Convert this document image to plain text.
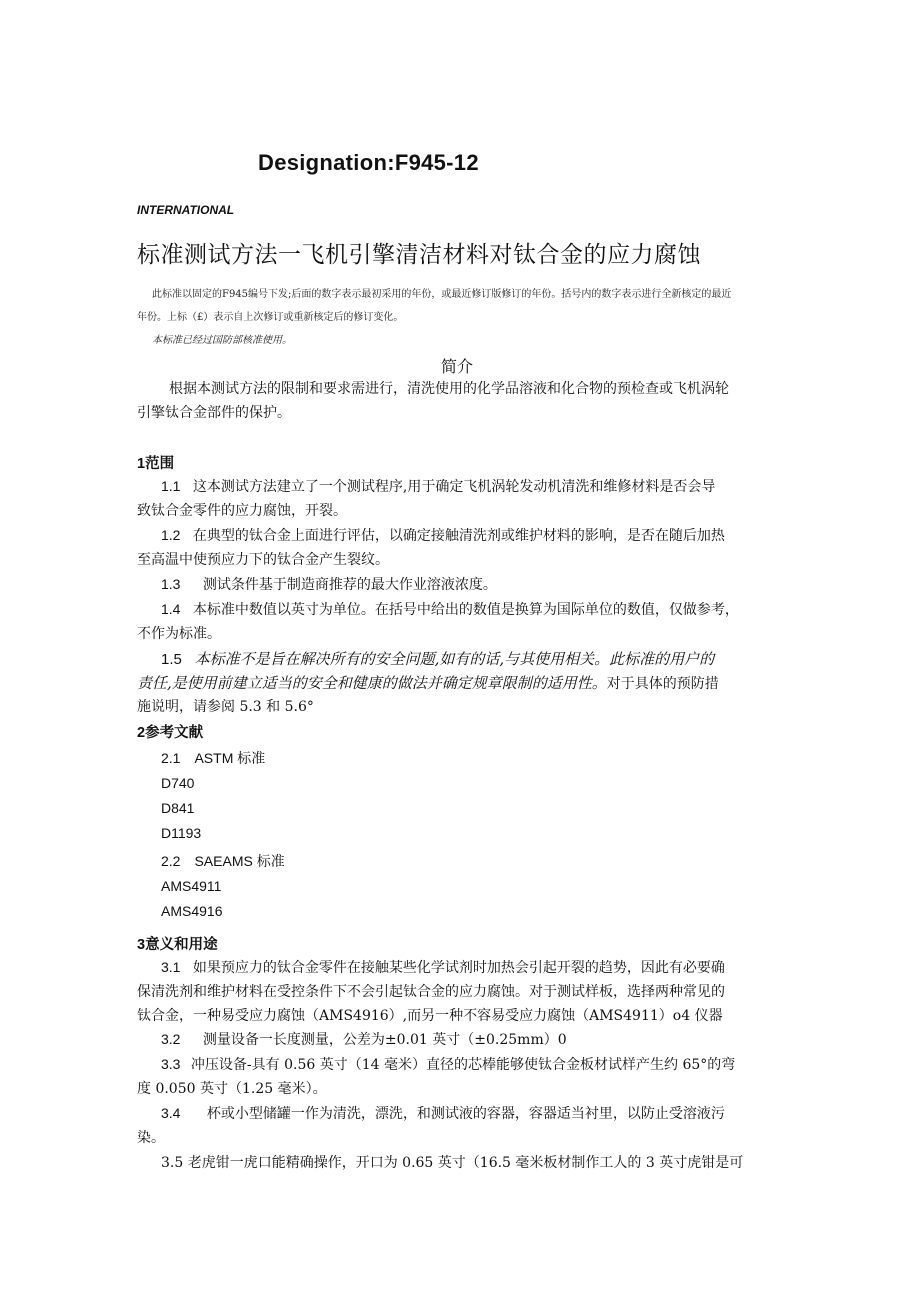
Designation:F945-12
INTERNATIONAL
标准测试方法一飞机引擎清洁材料对钛合金的应力腐蚀
此标准以固定的F945编号下发;后面的数字表示最初采用的年份，或最近修订版修订的年份。括号内的数字表示进行全新核定的最近
年份。上标（£）表示自上次修订或重新核定后的修订变化。
本标准已经过国防部核准使用。
简介
根据本测试方法的限制和要求需进行，清洗使用的化学品溶液和化合物的预检查或飞机涡轮
引擎钛合金部件的保护。
1范围
1.1 这本测试方法建立了一个测试程序,用于确定飞机涡轮发动机清洗和维修材料是否会导
致钛合金零件的应力腐蚀，开裂。
1.2 在典型的钛合金上面进行评估，以确定接触清洗剂或维护材料的影响，是否在随后加热
至高温中使预应力下的钛合金产生裂纹。
1.3 测试条件基于制造商推荐的最大作业溶液浓度。
1.4 本标准中数值以英寸为单位。在括号中给出的数值是换算为国际单位的数值，仅做参考，
不作为标准。
1.5 本标准不是旨在解决所有的安全问题,如有的话,与其使用相关。此标准的用户的
责任,是使用前建立适当的安全和健康的做法并确定规章限制的适用性。对于具体的预防措
施说明，请参阅 5.3 和 5.6°
2参考文献
2.1　ASTM 标准
D740
D841
D1193
2.2　SAEAMS 标准
AMS4911
AMS4916
3意义和用途
3.1 如果预应力的钛合金零件在接触某些化学试剂时加热会引起开裂的趋势，因此有必要确
保清洗剂和维护材料在受控条件下不会引起钛合金的应力腐蚀。对于测试样板，选择两种常见的
钛合金，一种易受应力腐蚀（AMS4916）,而另一种不容易受应力腐蚀（AMS4911）o4 仪器
3.2 测量设备一长度测量，公差为±0.01 英寸（±0.25mm）0
3.3 冲压设备-具有 0.56 英寸（14 毫米）直径的芯棒能够使钛合金板材试样产生约 65°的弯
度 0.050 英寸（1.25 毫米）。
3.4 杯或小型储罐一作为清洗，漂洗，和测试液的容器，容器适当衬里，以防止受溶液污
染。
3.5 老虎钳一虎口能精确操作，开口为 0.65 英寸（16.5 毫米板材制作工人的 3 英寸虎钳是可
